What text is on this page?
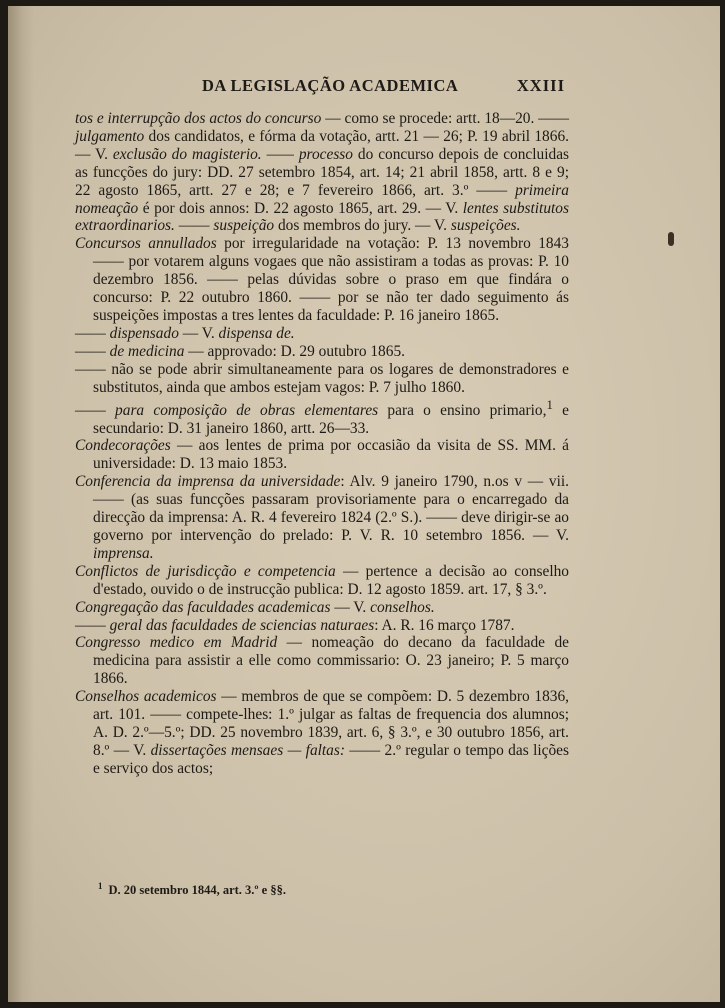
DA LEGISLAÇÃO ACADEMICA	XXIII

tos e interrupção dos actos do concurso — como se procede: artt. 18—20. —— julgamento dos candidatos, e fórma da votação, artt. 21 — 26; P. 19 abril 1866.— V. exclusão do magisterio. —— processo do concurso depois de concluidas as funcções do jury: DD. 27 setembro 1854, art. 14; 21 abril 1858, artt. 8 e 9; 22 agosto 1865, artt. 27 e 28; e 7 fevereiro 1866, art. 3.º —— primeira nomeação é por dois annos: D. 22 agosto 1865, art. 29. — V. lentes substitutos extraordinarios. —— suspeição dos membros do jury. — V. suspeições.

Concursos annullados por irregularidade na votação: P. 13 novembro 1843 —— por votarem alguns vogaes que não assistiram a todas as provas: P. 10 dezembro 1856. —— pelas dúvidas sobre o praso em que findára o concurso: P. 22 outubro 1860. —— por se não ter dado seguimento ás suspeições impostas a tres lentes da faculdade: P. 16 janeiro 1865.

—— dispensado — V. dispensa de.

—— de medicina — approvado: D. 29 outubro 1865.

—— não se pode abrir simultaneamente para os logares de demonstradores e substitutos, ainda que ambos estejam vagos: P. 7 julho 1860.

—— para composição de obras elementares para o ensino primario,$^1$ e secundario: D. 31 janeiro 1860, artt. 26—33.

Condecorações — aos lentes de prima por occasião da visita de SS. MM. á universidade: D. 13 maio 1853.

Conferencia da imprensa da universidade: Alv. 9 janeiro 1790, n.os v — vii. —— (as suas funcções passaram provisoriamente para o encarregado da direcção da imprensa: A. R. 4 fevereiro 1824 (2.º S.). —— deve dirigir-se ao governo por intervenção do prelado: P. V. R. 10 setembro 1856. — V. imprensa.

Conflictos de jurisdicção e competencia — pertence a decisão ao conselho d'estado, ouvido o de instrucção publica: D. 12 agosto 1859. art. 17, § 3.º.

Congregação das faculdades academicas — V. conselhos.

—— geral das faculdades de sciencias naturaes: A. R. 16 março 1787.

Congresso medico em Madrid — nomeação do decano da faculdade de medicina para assistir a elle como commissario: O. 23 janeiro; P. 5 março 1866.

Conselhos academicos — membros de que se compõem: D. 5 dezembro 1836, art. 101. —— compete-lhes: 1.º julgar as faltas de frequencia dos alumnos; A. D. 2.º—5.º; DD. 25 novembro 1839, art. 6, § 3.º, e 30 outubro 1856, art. 8.º — V. dissertações mensaes — faltas: —— 2.º regular o tempo das lições e serviço dos actos;

$^1$ D. 20 setembro 1844, art. 3.º e §§.
